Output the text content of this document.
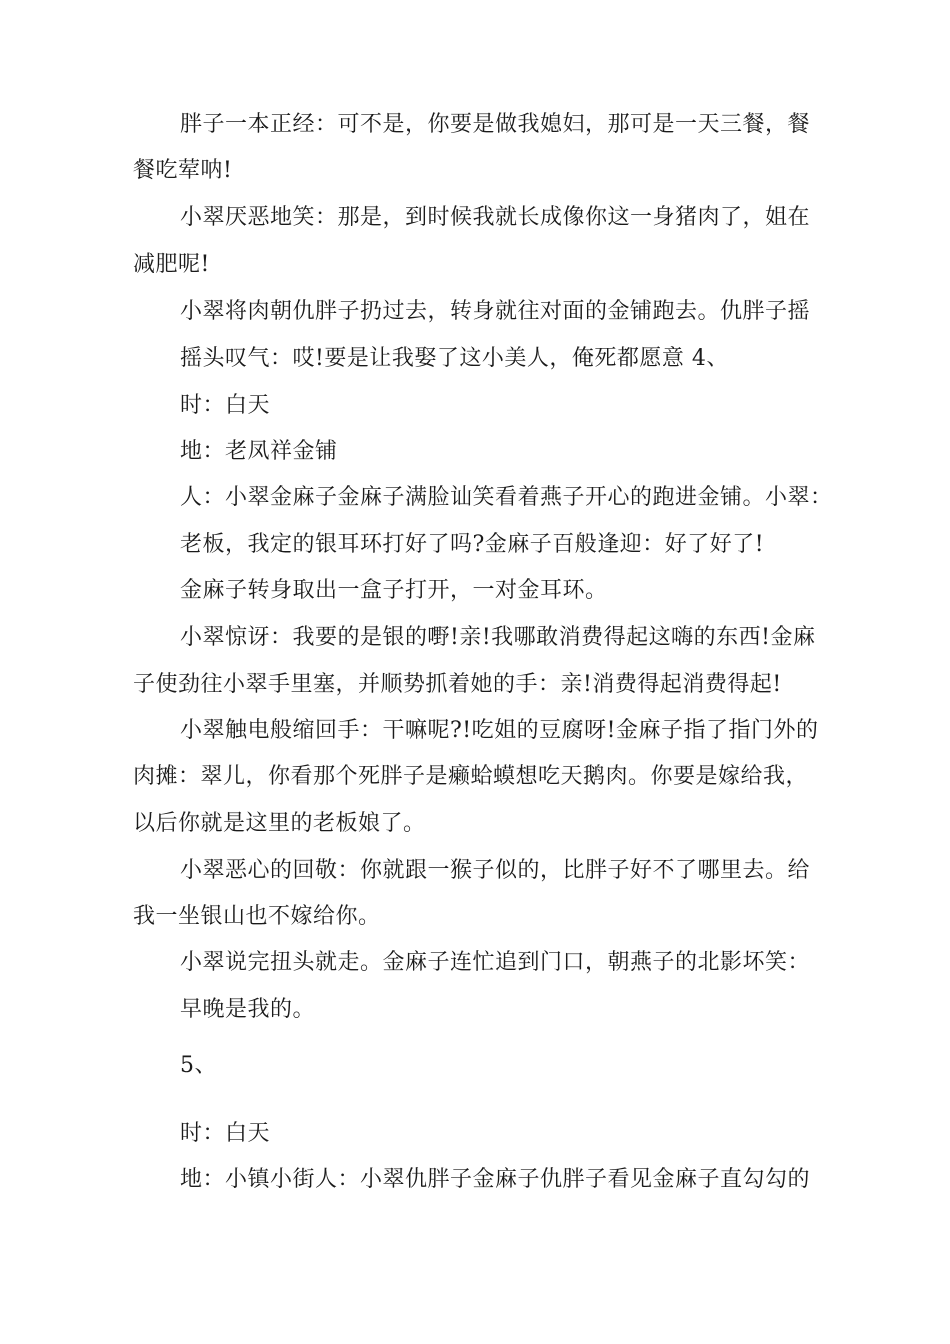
胖子一本正经：可不是，你要是做我媳妇，那可是一天三餐，餐
餐吃荤呐!
小翠厌恶地笑：那是，到时候我就长成像你这一身猪肉了，姐在
减肥呢!
小翠将肉朝仇胖子扔过去，转身就往对面的金铺跑去。仇胖子摇
摇头叹气：哎!要是让我娶了这小美人，俺死都愿意 4、
时：白天
地：老凤祥金铺
人：小翠金麻子金麻子满脸讪笑看着燕子开心的跑进金铺。小翠：
老板，我定的银耳环打好了吗?金麻子百般逢迎：好了好了!
金麻子转身取出一盒子打开，一对金耳环。
小翠惊讶：我要的是银的嘢!亲!我哪敢消费得起这嗨的东西!金麻
子使劲往小翠手里塞，并顺势抓着她的手：亲!消费得起消费得起!
小翠触电般缩回手：干嘛呢?!吃姐的豆腐呀!金麻子指了指门外的
肉摊：翠儿，你看那个死胖子是癞蛤蟆想吃天鹅肉。你要是嫁给我，
以后你就是这里的老板娘了。
小翠恶心的回敬：你就跟一猴子似的，比胖子好不了哪里去。给
我一坐银山也不嫁给你。
小翠说完扭头就走。金麻子连忙追到门口，朝燕子的北影坏笑：
早晚是我的。
5、
时：白天
地：小镇小街人：小翠仇胖子金麻子仇胖子看见金麻子直勾勾的
